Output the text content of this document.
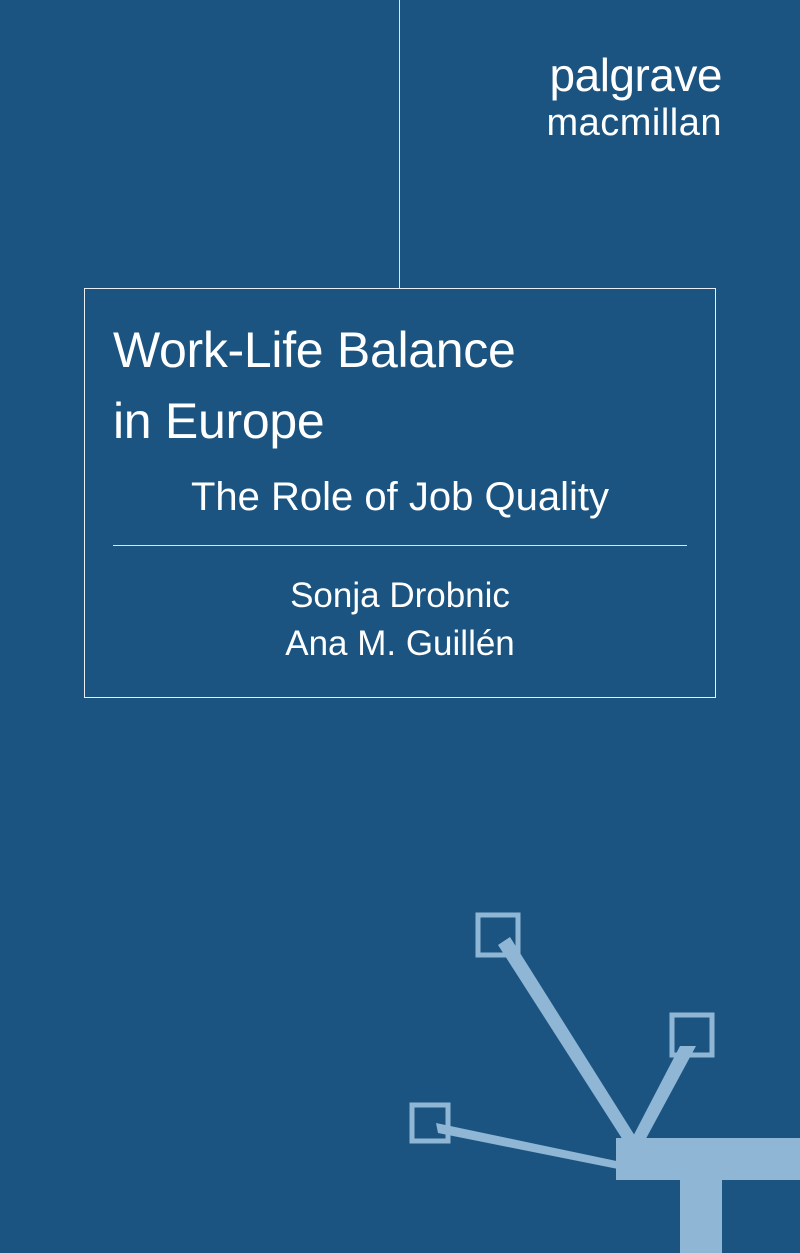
palgrave
macmillan
Work-Life Balance
in Europe
The Role of Job Quality
Sonja Drobnic
Ana M. Guillén
